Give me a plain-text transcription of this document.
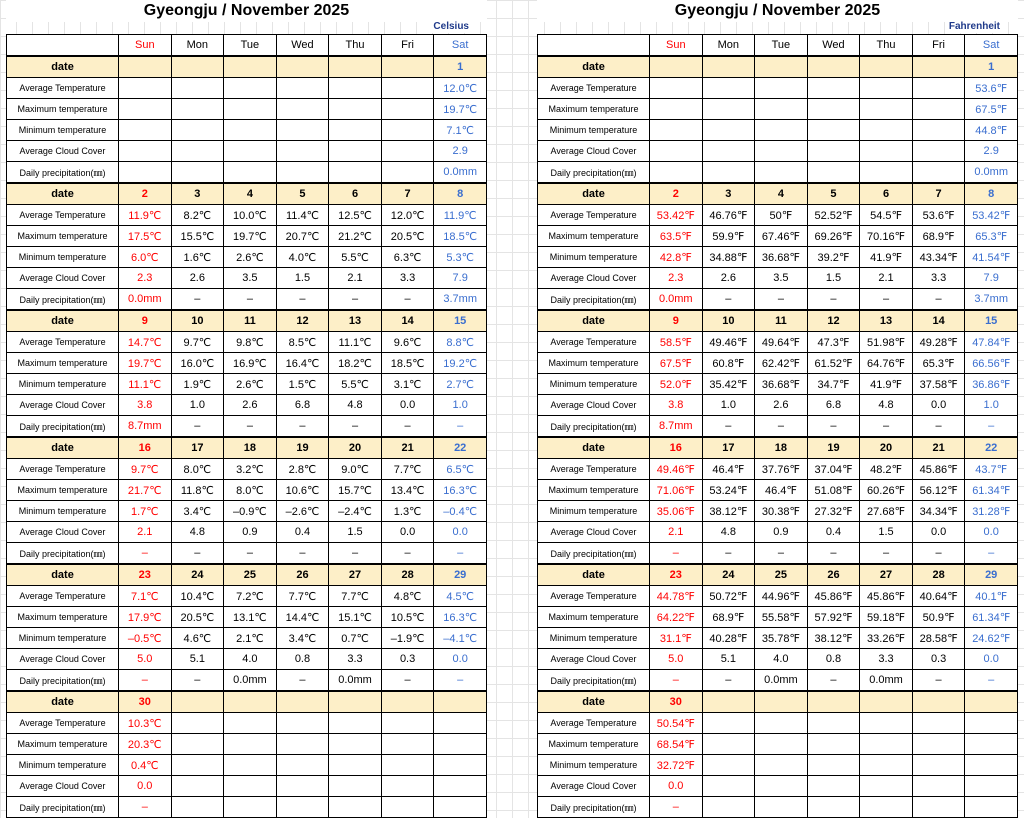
Gyeongju / November 2025
Celsius
	Sun	Mon	Tue	Wed	Thu	Fri	Sat
date							1
Average Temperature							12.0℃
Maximum temperature							19.7℃
Minimum temperature							7.1℃
Average Cloud Cover							2.9
Daily precipitation(㎜)							0.0mm
date	2	3	4	5	6	7	8
Average Temperature	11.9℃	8.2℃	10.0℃	11.4℃	12.5℃	12.0℃	11.9℃
Maximum temperature	17.5℃	15.5℃	19.7℃	20.7℃	21.2℃	20.5℃	18.5℃
Minimum temperature	6.0℃	1.6℃	2.6℃	4.0℃	5.5℃	6.3℃	5.3℃
Average Cloud Cover	2.3	2.6	3.5	1.5	2.1	3.3	7.9
Daily precipitation(㎜)	0.0mm	–	–	–	–	–	3.7mm
date	9	10	11	12	13	14	15
Average Temperature	14.7℃	9.7℃	9.8℃	8.5℃	11.1℃	9.6℃	8.8℃
Maximum temperature	19.7℃	16.0℃	16.9℃	16.4℃	18.2℃	18.5℃	19.2℃
Minimum temperature	11.1℃	1.9℃	2.6℃	1.5℃	5.5℃	3.1℃	2.7℃
Average Cloud Cover	3.8	1.0	2.6	6.8	4.8	0.0	1.0
Daily precipitation(㎜)	8.7mm	–	–	–	–	–	–
date	16	17	18	19	20	21	22
Average Temperature	9.7℃	8.0℃	3.2℃	2.8℃	9.0℃	7.7℃	6.5℃
Maximum temperature	21.7℃	11.8℃	8.0℃	10.6℃	15.7℃	13.4℃	16.3℃
Minimum temperature	1.7℃	3.4℃	–0.9℃	–2.6℃	–2.4℃	1.3℃	–0.4℃
Average Cloud Cover	2.1	4.8	0.9	0.4	1.5	0.0	0.0
Daily precipitation(㎜)	–	–	–	–	–	–	–
date	23	24	25	26	27	28	29
Average Temperature	7.1℃	10.4℃	7.2℃	7.7℃	7.7℃	4.8℃	4.5℃
Maximum temperature	17.9℃	20.5℃	13.1℃	14.4℃	15.1℃	10.5℃	16.3℃
Minimum temperature	–0.5℃	4.6℃	2.1℃	3.4℃	0.7℃	–1.9℃	–4.1℃
Average Cloud Cover	5.0	5.1	4.0	0.8	3.3	0.3	0.0
Daily precipitation(㎜)	–	–	0.0mm	–	0.0mm	–	–
date	30						
Average Temperature	10.3℃						
Maximum temperature	20.3℃						
Minimum temperature	0.4℃						
Average Cloud Cover	0.0						
Daily precipitation(㎜)	–						
Gyeongju / November 2025
Fahrenheit
	Sun	Mon	Tue	Wed	Thu	Fri	Sat
date							1
Average Temperature							53.6℉
Maximum temperature							67.5℉
Minimum temperature							44.8℉
Average Cloud Cover							2.9
Daily precipitation(㎜)							0.0mm
date	2	3	4	5	6	7	8
Average Temperature	53.42℉	46.76℉	50℉	52.52℉	54.5℉	53.6℉	53.42℉
Maximum temperature	63.5℉	59.9℉	67.46℉	69.26℉	70.16℉	68.9℉	65.3℉
Minimum temperature	42.8℉	34.88℉	36.68℉	39.2℉	41.9℉	43.34℉	41.54℉
Average Cloud Cover	2.3	2.6	3.5	1.5	2.1	3.3	7.9
Daily precipitation(㎜)	0.0mm	–	–	–	–	–	3.7mm
date	9	10	11	12	13	14	15
Average Temperature	58.5℉	49.46℉	49.64℉	47.3℉	51.98℉	49.28℉	47.84℉
Maximum temperature	67.5℉	60.8℉	62.42℉	61.52℉	64.76℉	65.3℉	66.56℉
Minimum temperature	52.0℉	35.42℉	36.68℉	34.7℉	41.9℉	37.58℉	36.86℉
Average Cloud Cover	3.8	1.0	2.6	6.8	4.8	0.0	1.0
Daily precipitation(㎜)	8.7mm	–	–	–	–	–	–
date	16	17	18	19	20	21	22
Average Temperature	49.46℉	46.4℉	37.76℉	37.04℉	48.2℉	45.86℉	43.7℉
Maximum temperature	71.06℉	53.24℉	46.4℉	51.08℉	60.26℉	56.12℉	61.34℉
Minimum temperature	35.06℉	38.12℉	30.38℉	27.32℉	27.68℉	34.34℉	31.28℉
Average Cloud Cover	2.1	4.8	0.9	0.4	1.5	0.0	0.0
Daily precipitation(㎜)	–	–	–	–	–	–	–
date	23	24	25	26	27	28	29
Average Temperature	44.78℉	50.72℉	44.96℉	45.86℉	45.86℉	40.64℉	40.1℉
Maximum temperature	64.22℉	68.9℉	55.58℉	57.92℉	59.18℉	50.9℉	61.34℉
Minimum temperature	31.1℉	40.28℉	35.78℉	38.12℉	33.26℉	28.58℉	24.62℉
Average Cloud Cover	5.0	5.1	4.0	0.8	3.3	0.3	0.0
Daily precipitation(㎜)	–	–	0.0mm	–	0.0mm	–	–
date	30						
Average Temperature	50.54℉						
Maximum temperature	68.54℉						
Minimum temperature	32.72℉						
Average Cloud Cover	0.0						
Daily precipitation(㎜)	–						
